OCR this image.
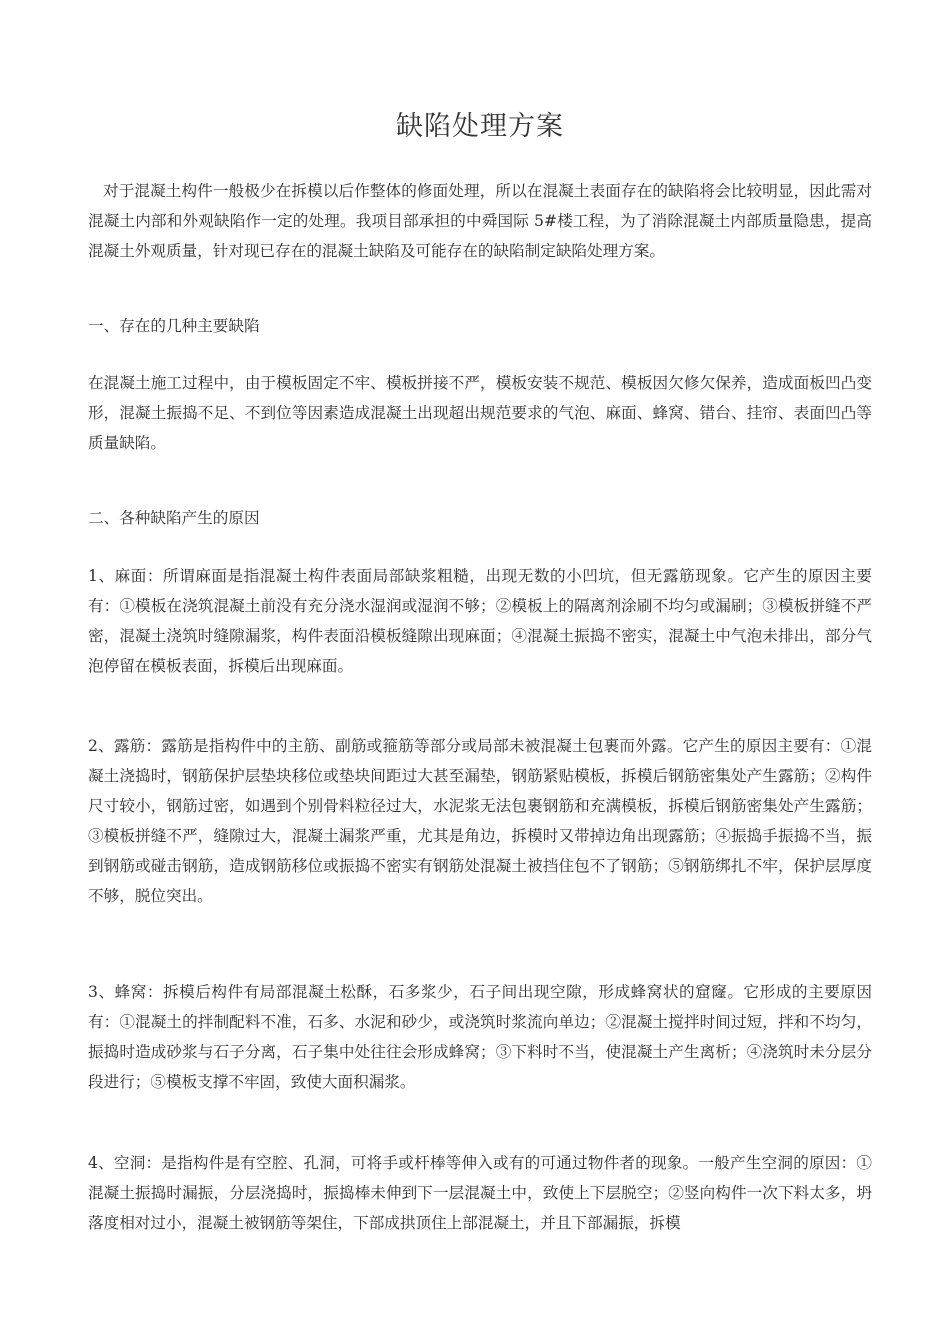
缺陷处理方案

对于混凝土构件一般极少在拆模以后作整体的修面处理，所以在混凝土表面存在的缺陷将会比较明显，因此需对混凝土内部和外观缺陷作一定的处理。我项目部承担的中舜国际 5#楼工程，为了消除混凝土内部质量隐患，提高混凝土外观质量，针对现已存在的混凝土缺陷及可能存在的缺陷制定缺陷处理方案。

一、存在的几种主要缺陷

在混凝土施工过程中，由于模板固定不牢、模板拼接不严，模板安装不规范、模板因欠修欠保养，造成面板凹凸变形，混凝土振捣不足、不到位等因素造成混凝土出现超出规范要求的气泡、麻面、蜂窝、错台、挂帘、表面凹凸等质量缺陷。

二、各种缺陷产生的原因

1、麻面：所谓麻面是指混凝土构件表面局部缺浆粗糙，出现无数的小凹坑，但无露筋现象。它产生的原因主要有：①模板在浇筑混凝土前没有充分浇水湿润或湿润不够；②模板上的隔离剂涂刷不均匀或漏刷；③模板拼缝不严密，混凝土浇筑时缝隙漏浆，构件表面沿模板缝隙出现麻面；④混凝土振捣不密实，混凝土中气泡未排出，部分气泡停留在模板表面，拆模后出现麻面。

2、露筋：露筋是指构件中的主筋、副筋或箍筋等部分或局部未被混凝土包裹而外露。它产生的原因主要有：①混凝土浇捣时，钢筋保护层垫块移位或垫块间距过大甚至漏垫，钢筋紧贴模板，拆模后钢筋密集处产生露筋；②构件尺寸较小，钢筋过密，如遇到个别骨料粒径过大，水泥浆无法包裹钢筋和充满模板，拆模后钢筋密集处产生露筋；③模板拼缝不严，缝隙过大，混凝土漏浆严重，尤其是角边，拆模时又带掉边角出现露筋；④振捣手振捣不当，振到钢筋或碰击钢筋，造成钢筋移位或振捣不密实有钢筋处混凝土被挡住包不了钢筋；⑤钢筋绑扎不牢，保护层厚度不够，脱位突出。

3、蜂窝：拆模后构件有局部混凝土松酥，石多浆少，石子间出现空隙，形成蜂窝状的窟窿。它形成的主要原因有：①混凝土的拌制配料不准，石多、水泥和砂少，或浇筑时浆流向单边；②混凝土搅拌时间过短，拌和不均匀，振捣时造成砂浆与石子分离，石子集中处往往会形成蜂窝；③下料时不当，使混凝土产生离析；④浇筑时未分层分段进行；⑤模板支撑不牢固，致使大面积漏浆。

4、空洞：是指构件是有空腔、孔洞，可将手或杆棒等伸入或有的可通过物件者的现象。一般产生空洞的原因：①混凝土振捣时漏振，分层浇捣时，振捣棒未伸到下一层混凝土中，致使上下层脱空；②竖向构件一次下料太多，坍落度相对过小，混凝土被钢筋等架住，下部成拱顶住上部混凝土，并且下部漏振，拆模
